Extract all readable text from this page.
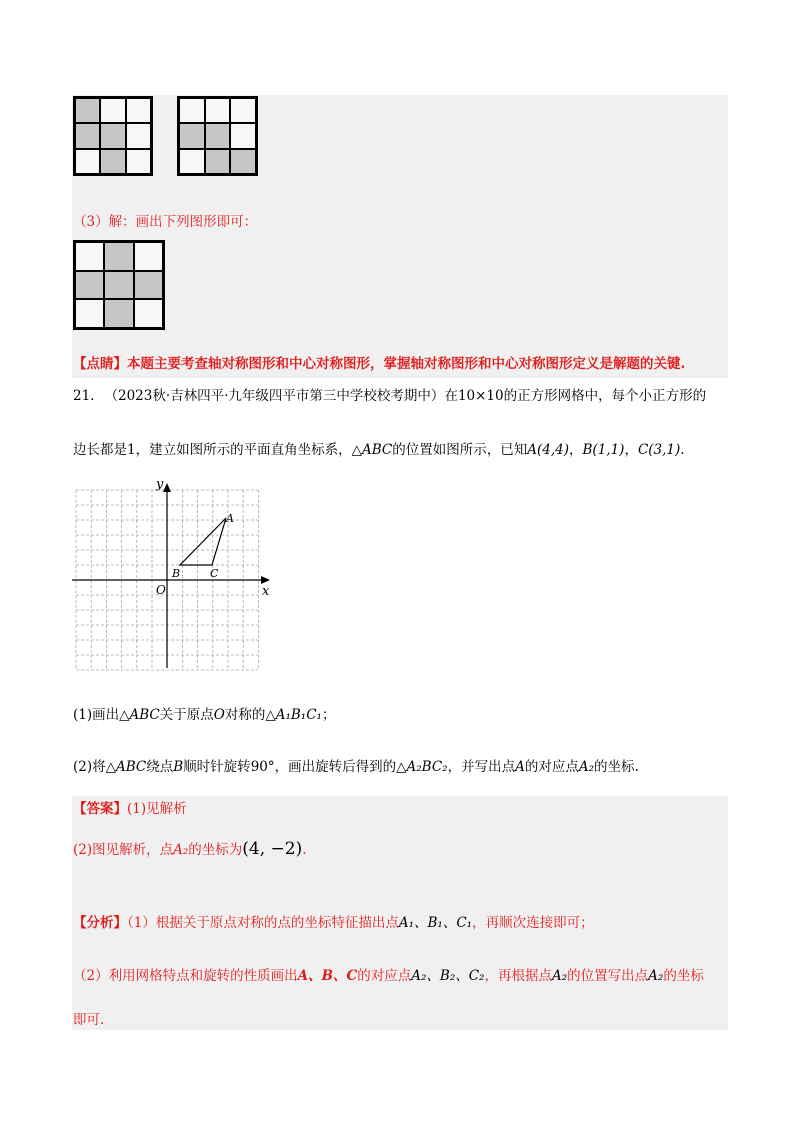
（3）解：画出下列图形即可：
【点睛】本题主要考查轴对称图形和中心对称图形，掌握轴对称图形和中心对称图形定义是解题的关键.
21. （2023秋·吉林四平·九年级四平市第三中学校校考期中）在10×10的正方形网格中，每个小正方形的
边长都是1，建立如图所示的平面直角坐标系，△ABC的位置如图所示，已知A(4,4)，B(1,1)，C(3,1).
x
y
O
A
B	C
(1)画出△ABC关于原点O对称的△A₁B₁C₁；
(2)将△ABC绕点B顺时针旋转90°，画出旋转后得到的△A₂BC₂，并写出点A的对应点A₂的坐标.
【答案】(1)见解析
(2)图见解析，点A₂的坐标为(4, −2).
【分析】（1）根据关于原点对称的点的坐标特征描出点A₁、B₁、C₁，再顺次连接即可；
（2）利用网格特点和旋转的性质画出A、B、C的对应点A₂、B₂、C₂，再根据点A₂的位置写出点A₂的坐标
即可.
